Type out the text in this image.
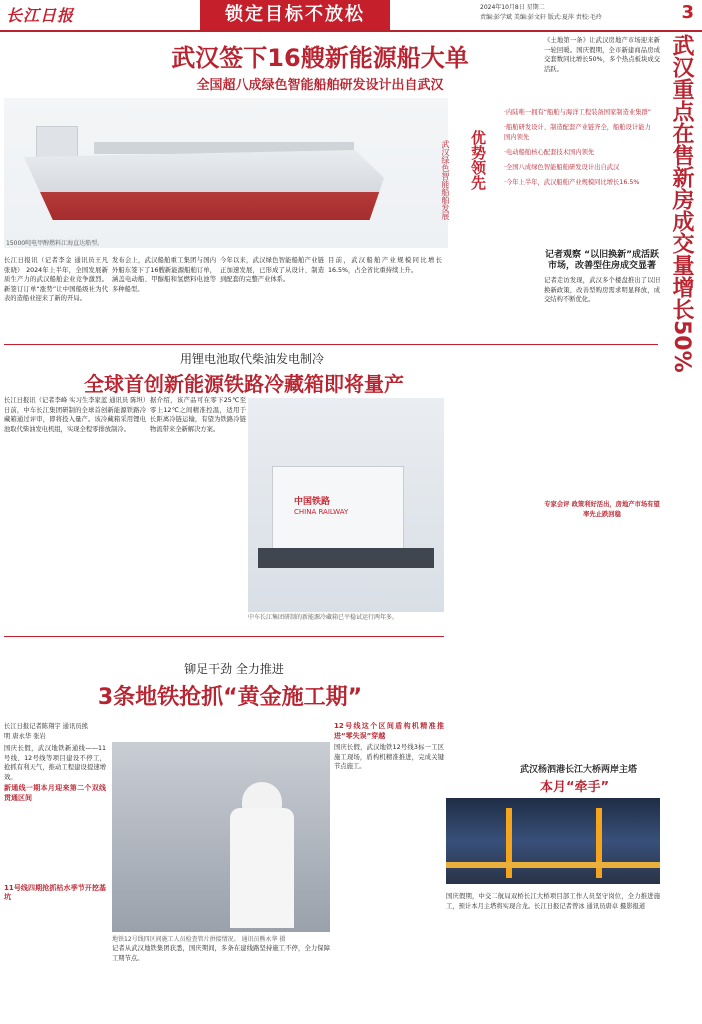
长江日报	锁定目标不放松	2024年10月8日 星期二
责编:彭学斌 美编:彭文轩 版式:夏萍 责校:毛玲	3
武汉签下16艘新能源船大单
全国超八成绿色智能船舶研发设计出自武汉
15000吨电甲醇燃料江海直达船型。
优势领先
武汉绿色智能船舶发展

·内陆唯一拥有“船舶与海洋工程装备国家制造业集群”

·船舶研发设计、制造配套产业链齐全，船舶设计能力国内领先

·电动船舶核心配套技术国内领先

·全国八成绿色智能船舶研发设计出自武汉

·今年上半年，武汉船舶产业规模同比增长16.5%

长江日报讯（记者李金 通讯员王凡 张晓） 2024年上半年，全国发展新质生产力的武汉船舶企业竞争激烈。新签订订单“涨势”让中国船级社为代表的造船业迎来了新的开局。
发布会上，武汉船舶重工集团与国内外船东签下了16艘新能源船舶订单，涵盖电动船、甲醇船和氢燃料电池等多种船型。
今年以来，武汉绿色智能船舶产业链正加速发展，已形成了从设计、制造到配套的完整产业体系。
目前，武汉船舶产业规模同比增长16.5%，占全省比重持续上升。	武汉重点在售新房成交量增长50%
《土地第一条》让武汉房地产市场迎来新一轮回暖。国庆假期，全市新建商品房成交套数同比增长50%，多个热点板块成交活跃。
记者观察 “以旧换新”成活跃市场，改善型住房成交显著
记者走访发现，武汉多个楼盘推出了以旧换新政策，改善型购房需求明显释放，成交结构不断优化。
专家会评 政策利好活出，房地产市场有望率先止跌回稳
用锂电池取代柴油发电制冷
全球首创新能源铁路冷藏箱即将量产
长江日报讯（记者李峰 实习生李家蓝 通讯员 陈坦）日前，中车长江集团研制的全球首创新能源铁路冷藏箱通过评审，即将投入量产。该冷藏箱采用锂电池取代柴油发电机组，实现全程零排放制冷。
据介绍，该产品可在零下25℃至零上12℃之间精准控温，适用于长距离冷链运输，有望为铁路冷链物流带来全新解决方案。
中国铁路
CHINA RAILWAY
中车长江集团研制的新能源冷藏箱已平稳试运行两年多。
铆足干劲 全力推进
3条地铁抢抓“黄金施工期”
长江日报记者陈翔宇 通讯员熊明 唐永华 张岩
国庆长假，武汉地铁新通线——11号线、12号线等项目建设不停工，抢抓有利天气，推动工程建设提速增效。
新通线一期本月迎来第二个双线贯通区间
11号线四期抢抓枯水季节开挖基坑
地铁12号线四区间施工人员检查管片拼接情况。 通讯员熊永华 摄
记者从武汉地铁集团获悉，国庆期间，多条在建线路坚持施工不停，全力保障工期节点。
12号线这个区间盾构机精准推进“零失误”穿越
国庆长假，武汉地铁12号线3标一工区施工现场，盾构机精准推进，完成关键节点施工。	武汉杨泗港长江大桥两岸主塔
本月“牵手”
国庆假期，中交二航局双桥长江大桥项目部工作人员坚守岗位，全力推进施工，预计本月主塔将实现合龙。长江日报记者曾冰 通讯员唐卓 摄影报道
